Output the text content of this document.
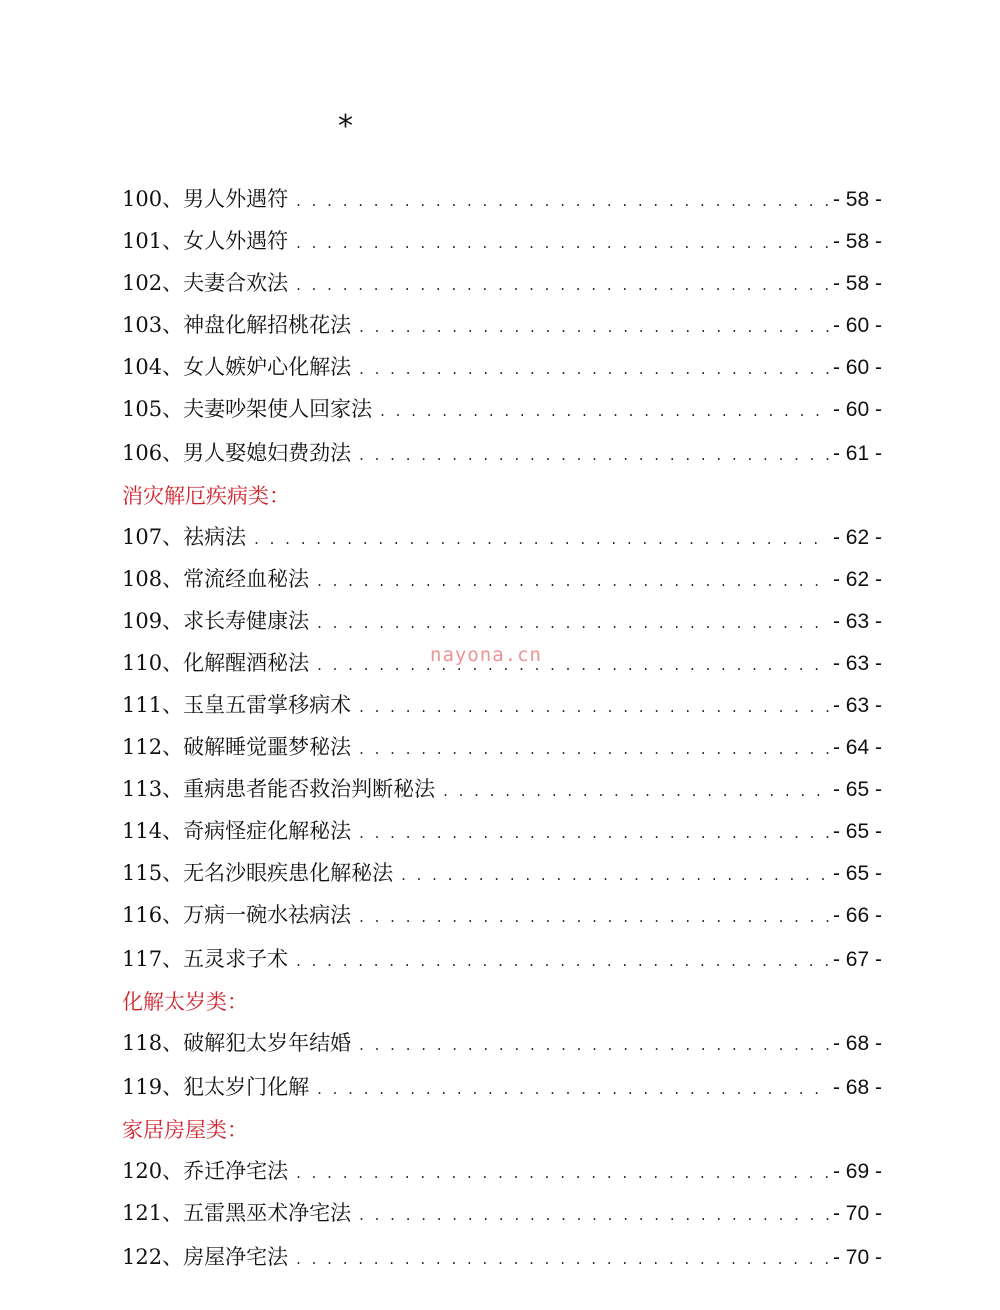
*
100 、 男人外遇符 . . .	- 58 -
101 、 女人外遇符 . . .	- 58 -
102 、 夫妻合欢法 . . .	- 58 -
103 、 神盘化解招桃花法 . . .	- 60 -
104 、 女人嫉妒心化解法 . . .	- 60 -
105 、 夫妻吵架使人回家法 . . .	- 60 -
106 、 男人娶媳妇费劲法 . . .	- 61 -
消灾解厄疾病类：
107 、 祛病法 . . .	- 62 -
108 、 常流经血秘法 . . .	- 62 -
109 、 求长寿健康法 . . .	- 63 -
110 、 化解醒酒秘法 . . .	- 63 -
111 、 玉皇五雷掌移病术 . . .	- 63 -
112 、 破解睡觉噩梦秘法 . . .	- 64 -
113 、 重病患者能否救治判断秘法 . . .	- 65 -
114 、 奇病怪症化解秘法 . . .	- 65 -
115 、 无名沙眼疾患化解秘法 . . .	- 65 -
116 、 万病一碗水祛病法 . . .	- 66 -
117 、 五灵求子术 . . .	- 67 -
化解太岁类：
118 、 破解犯太岁年结婚 . . .	- 68 -
119 、 犯太岁门化解 . . .	- 68 -
家居房屋类：
120 、 乔迁净宅法 . . .	- 69 -
121 、 五雷黑巫术净宅法 . . .	- 70 -
122 、 房屋净宅法 . . .	- 70 -
nayona.cn
